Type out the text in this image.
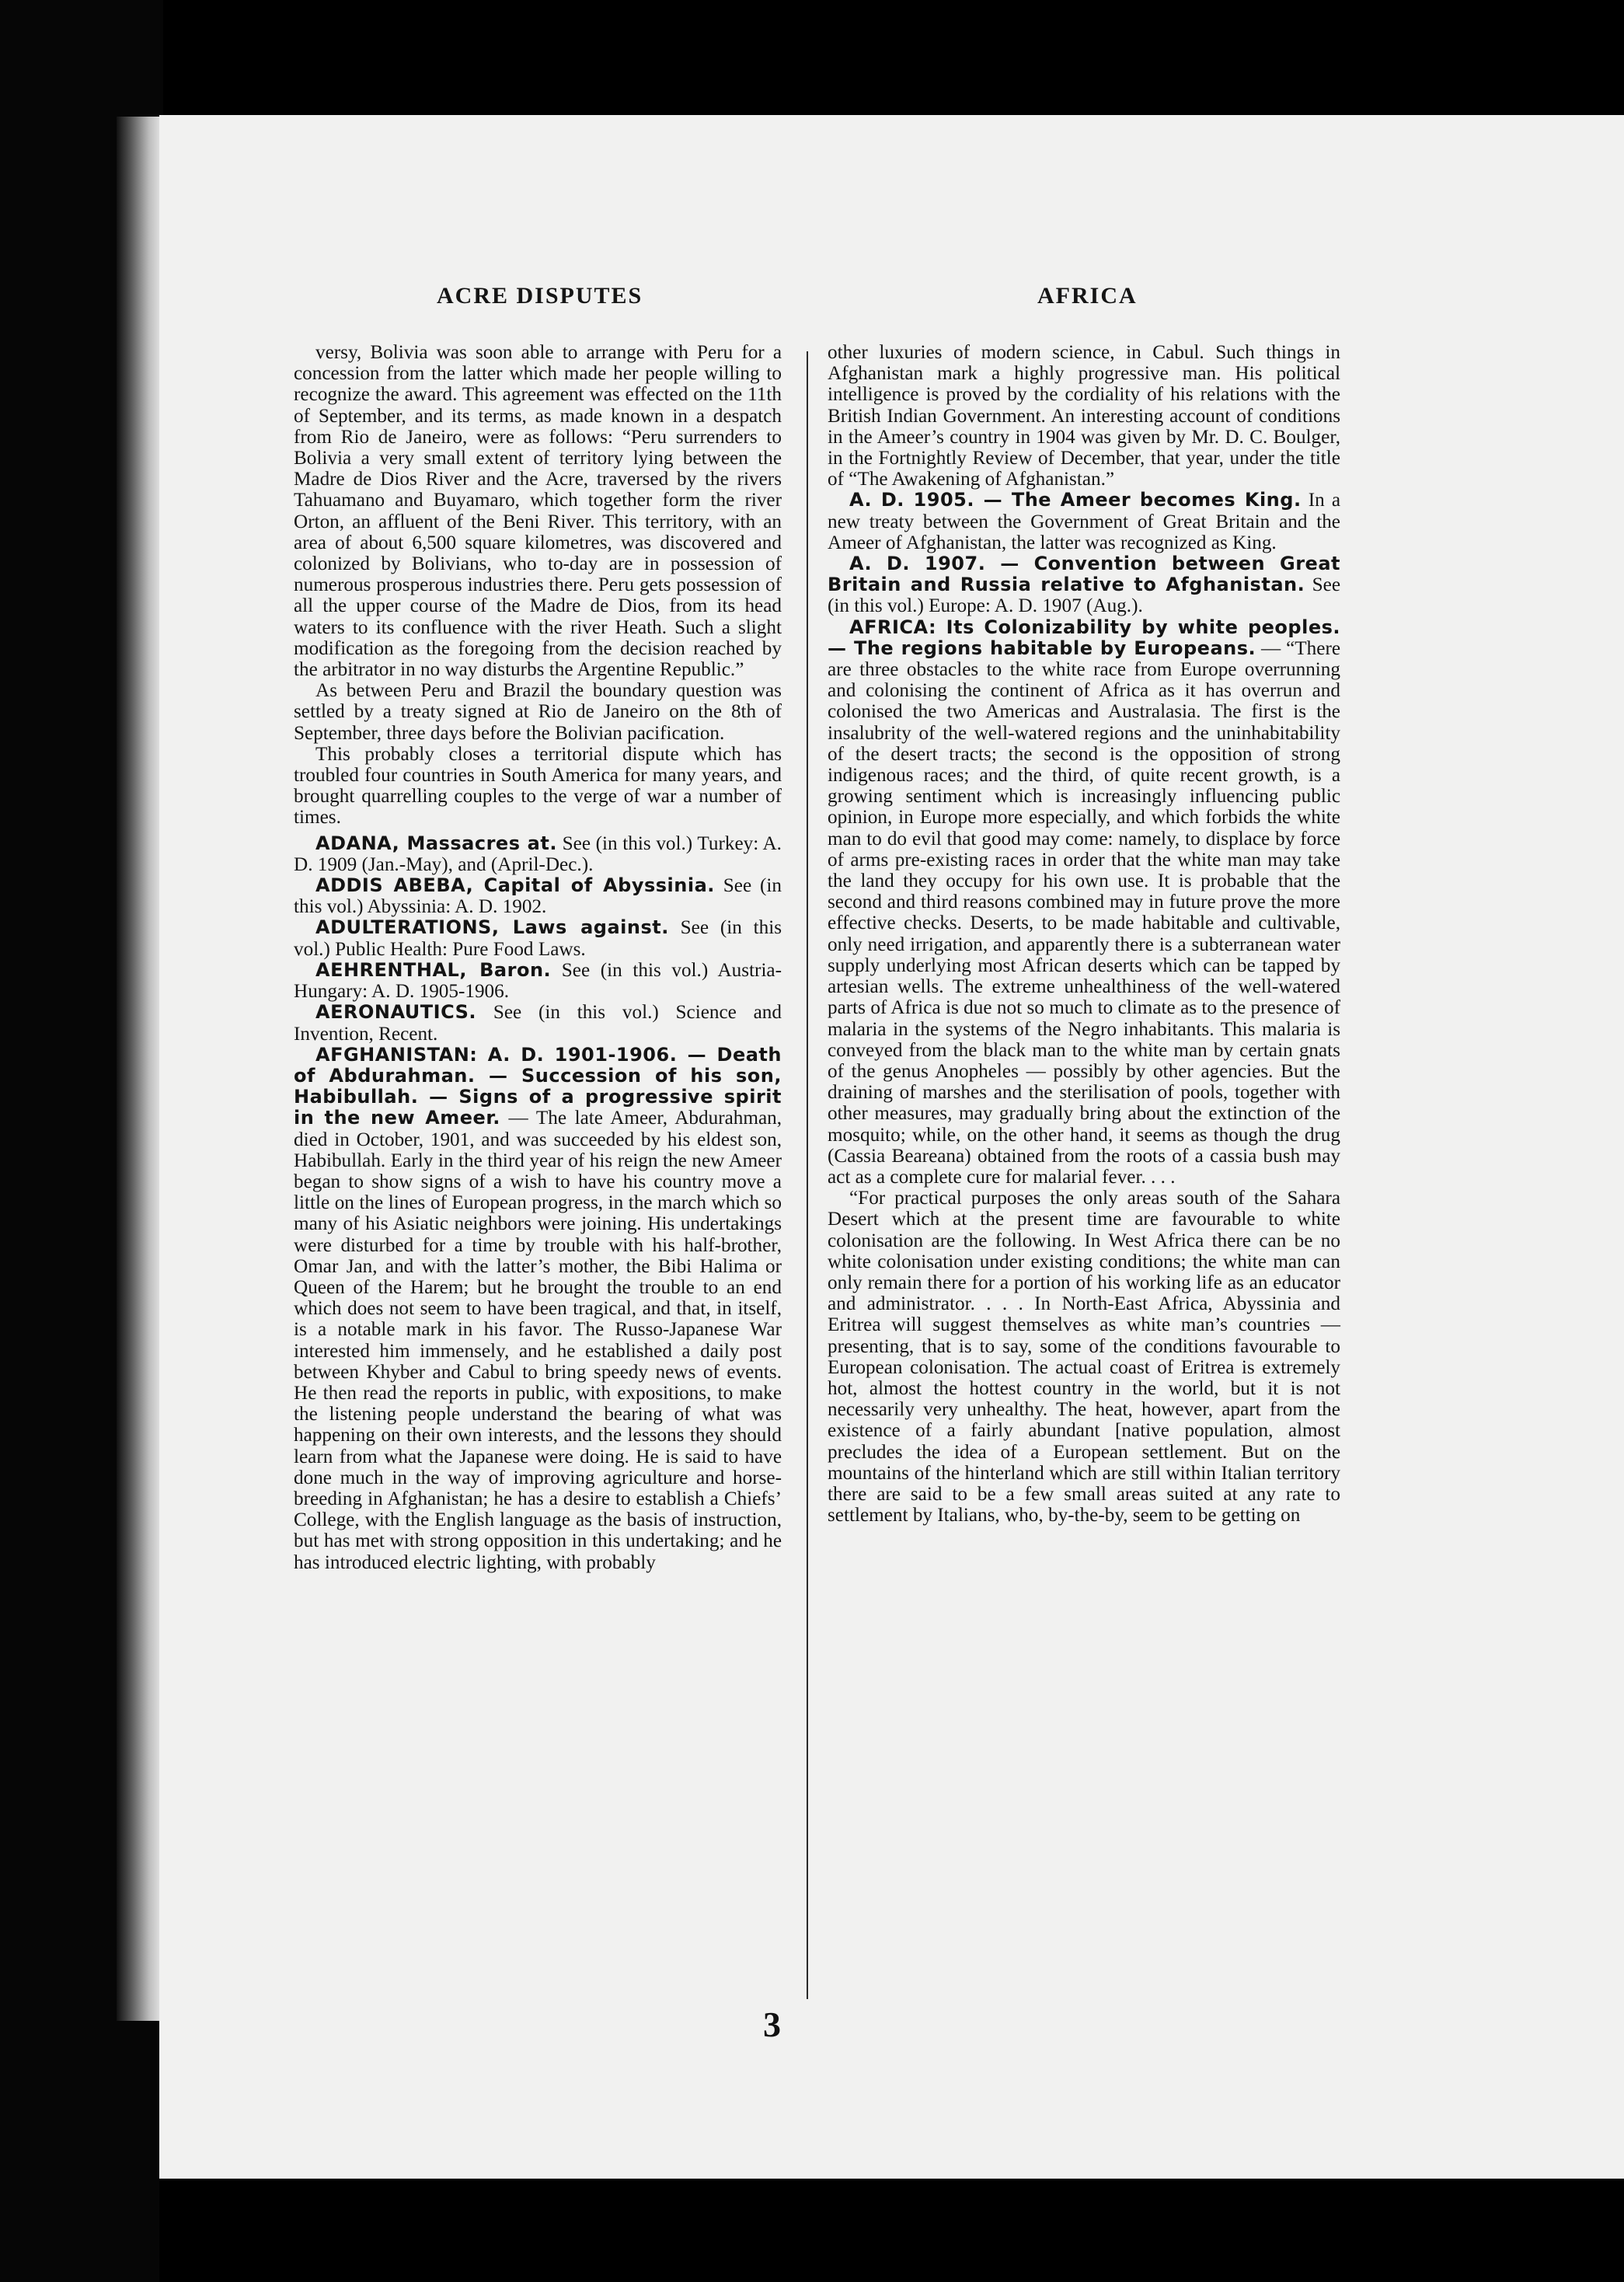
ACRE DISPUTES	AFRICA

versy, Bolivia was soon able to arrange with Peru for a concession from the latter which made her people willing to recognize the award. This agreement was effected on the 11th of September, and its terms, as made known in a despatch from Rio de Janeiro, were as follows: “Peru surrenders to Bolivia a very small extent of territory lying between the Madre de Dios River and the Acre, traversed by the rivers Tahuamano and Buyamaro, which together form the river Orton, an affluent of the Beni River. This territory, with an area of about 6,500 square kilometres, was discovered and colonized by Bolivians, who to-day are in possession of numerous prosperous industries there. Peru gets possession of all the upper course of the Madre de Dios, from its head waters to its confluence with the river Heath. Such a slight modification as the foregoing from the decision reached by the arbitrator in no way disturbs the Argentine Republic.”

As between Peru and Brazil the boundary question was settled by a treaty signed at Rio de Janeiro on the 8th of September, three days before the Bolivian pacification.

This probably closes a territorial dispute which has troubled four countries in South America for many years, and brought quarrelling couples to the verge of war a number of times.

ADANA, Massacres at. See (in this vol.) Turkey: A. D. 1909 (Jan.-May), and (April-Dec.).

ADDIS ABEBA, Capital of Abyssinia. See (in this vol.) Abyssinia: A. D. 1902.

ADULTERATIONS, Laws against. See (in this vol.) Public Health: Pure Food Laws.

AEHRENTHAL, Baron. See (in this vol.) Austria-Hungary: A. D. 1905-1906.

AERONAUTICS. See (in this vol.) Science and Invention, Recent.

AFGHANISTAN: A. D. 1901-1906. — Death of Abdurahman. — Succession of his son, Habibullah. — Signs of a progressive spirit in the new Ameer. — The late Ameer, Abdurahman, died in October, 1901, and was succeeded by his eldest son, Habibullah. Early in the third year of his reign the new Ameer began to show signs of a wish to have his country move a little on the lines of European progress, in the march which so many of his Asiatic neighbors were joining. His undertakings were disturbed for a time by trouble with his half-brother, Omar Jan, and with the latter’s mother, the Bibi Halima or Queen of the Harem; but he brought the trouble to an end which does not seem to have been tragical, and that, in itself, is a notable mark in his favor. The Russo-Japanese War interested him immensely, and he established a daily post between Khyber and Cabul to bring speedy news of events. He then read the reports in public, with expositions, to make the listening people understand the bearing of what was happening on their own interests, and the lessons they should learn from what the Japanese were doing. He is said to have done much in the way of improving agriculture and horse-breeding in Afghanistan; he has a desire to establish a Chiefs’ College, with the English language as the basis of instruction, but has met with strong opposition in this undertaking; and he has introduced electric lighting, with probably

other luxuries of modern science, in Cabul. Such things in Afghanistan mark a highly progressive man. His political intelligence is proved by the cordiality of his relations with the British Indian Government. An interesting account of conditions in the Ameer’s country in 1904 was given by Mr. D. C. Boulger, in the Fortnightly Review of December, that year, under the title of “The Awakening of Afghanistan.”

A. D. 1905. — The Ameer becomes King. In a new treaty between the Government of Great Britain and the Ameer of Afghanistan, the latter was recognized as King.

A. D. 1907. — Convention between Great Britain and Russia relative to Afghanistan. See (in this vol.) Europe: A. D. 1907 (Aug.).

AFRICA: Its Colonizability by white peoples. — The regions habitable by Europeans. — “There are three obstacles to the white race from Europe overrunning and colonising the continent of Africa as it has overrun and colonised the two Americas and Australasia. The first is the insalubrity of the well-watered regions and the uninhabitability of the desert tracts; the second is the opposition of strong indigenous races; and the third, of quite recent growth, is a growing sentiment which is increasingly influencing public opinion, in Europe more especially, and which forbids the white man to do evil that good may come: namely, to displace by force of arms pre-existing races in order that the white man may take the land they occupy for his own use. It is probable that the second and third reasons combined may in future prove the more effective checks. Deserts, to be made habitable and cultivable, only need irrigation, and apparently there is a subterranean water supply underlying most African deserts which can be tapped by artesian wells. The extreme unhealthiness of the well-watered parts of Africa is due not so much to climate as to the presence of malaria in the systems of the Negro inhabitants. This malaria is conveyed from the black man to the white man by certain gnats of the genus Anopheles — possibly by other agencies. But the draining of marshes and the sterilisation of pools, together with other measures, may gradually bring about the extinction of the mosquito; while, on the other hand, it seems as though the drug (Cassia Beareana) obtained from the roots of a cassia bush may act as a complete cure for malarial fever. . . .

“For practical purposes the only areas south of the Sahara Desert which at the present time are favourable to white colonisation are the following. In West Africa there can be no white colonisation under existing conditions; the white man can only remain there for a portion of his working life as an educator and administrator. . . . In North-East Africa, Abyssinia and Eritrea will suggest themselves as white man’s countries — presenting, that is to say, some of the conditions favourable to European colonisation. The actual coast of Eritrea is extremely hot, almost the hottest country in the world, but it is not necessarily very unhealthy. The heat, however, apart from the existence of a fairly abundant [native population, almost precludes the idea of a European settlement. But on the mountains of the hinterland which are still within Italian territory there are said to be a few small areas suited at any rate to settlement by Italians, who, by-the-by, seem to be getting on

3
